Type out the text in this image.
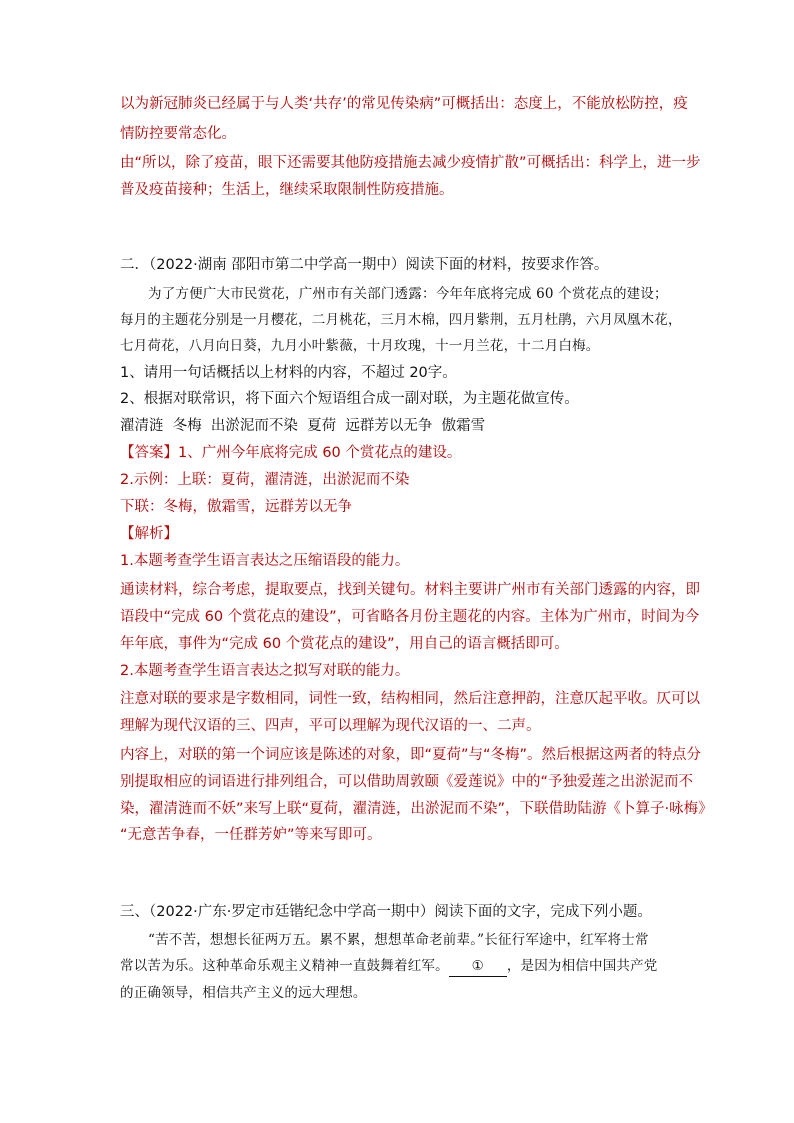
以为新冠肺炎已经属于与人类‘共存’的常见传染病”可概括出：态度上，不能放松防控，疫
情防控要常态化。
由“所以，除了疫苗，眼下还需要其他防疫措施去减少疫情扩散”可概括出：科学上，进一步
普及疫苗接种；生活上，继续采取限制性防疫措施。
二．（2022·湖南 邵阳市第二中学高一期中）阅读下面的材料，按要求作答。
为了方便广大市民赏花，广州市有关部门透露：今年年底将完成 60 个赏花点的建设；
每月的主题花分别是一月樱花，二月桃花，三月木棉，四月紫荆，五月杜鹃，六月凤凰木花，
七月荷花，八月向日葵，九月小叶紫薇，十月玫瑰，十一月兰花，十二月白梅。
1、请用一句话概括以上材料的内容，不超过 20字。
2、根据对联常识，将下面六个短语组合成一副对联，为主题花做宣传。
濯清涟  冬梅  出淤泥而不染  夏荷  远群芳以无争  傲霜雪
【答案】1、广州今年底将完成 60 个赏花点的建设。
2.示例：上联：夏荷，濯清涟，出淤泥而不染
下联：冬梅，傲霜雪，远群芳以无争
【解析】
1.本题考查学生语言表达之压缩语段的能力。
通读材料，综合考虑，提取要点，找到关键句。材料主要讲广州市有关部门透露的内容，即
语段中“完成 60 个赏花点的建设”，可省略各月份主题花的内容。主体为广州市，时间为今
年年底，事件为“完成 60 个赏花点的建设”，用自己的语言概括即可。
2.本题考查学生语言表达之拟写对联的能力。
注意对联的要求是字数相同，词性一致，结构相同，然后注意押韵，注意仄起平收。仄可以
理解为现代汉语的三、四声，平可以理解为现代汉语的一、二声。
内容上，对联的第一个词应该是陈述的对象，即“夏荷”与“冬梅”。然后根据这两者的特点分
别提取相应的词语进行排列组合，可以借助周敦颐《爱莲说》中的“予独爱莲之出淤泥而不
染，濯清涟而不妖”来写上联“夏荷，濯清涟，出淤泥而不染”，下联借助陆游《卜算子·咏梅》
“无意苦争春，一任群芳妒”等来写即可。
三、（2022·广东·罗定市廷锴纪念中学高一期中）阅读下面的文字，完成下列小题。
“苦不苦，想想长征两万五。累不累，想想革命老前辈。”长征行军途中，红军将士常
常以苦为乐。这种革命乐观主义精神一直鼓舞着红军。 ① ，是因为相信中国共产党
的正确领导，相信共产主义的远大理想。
